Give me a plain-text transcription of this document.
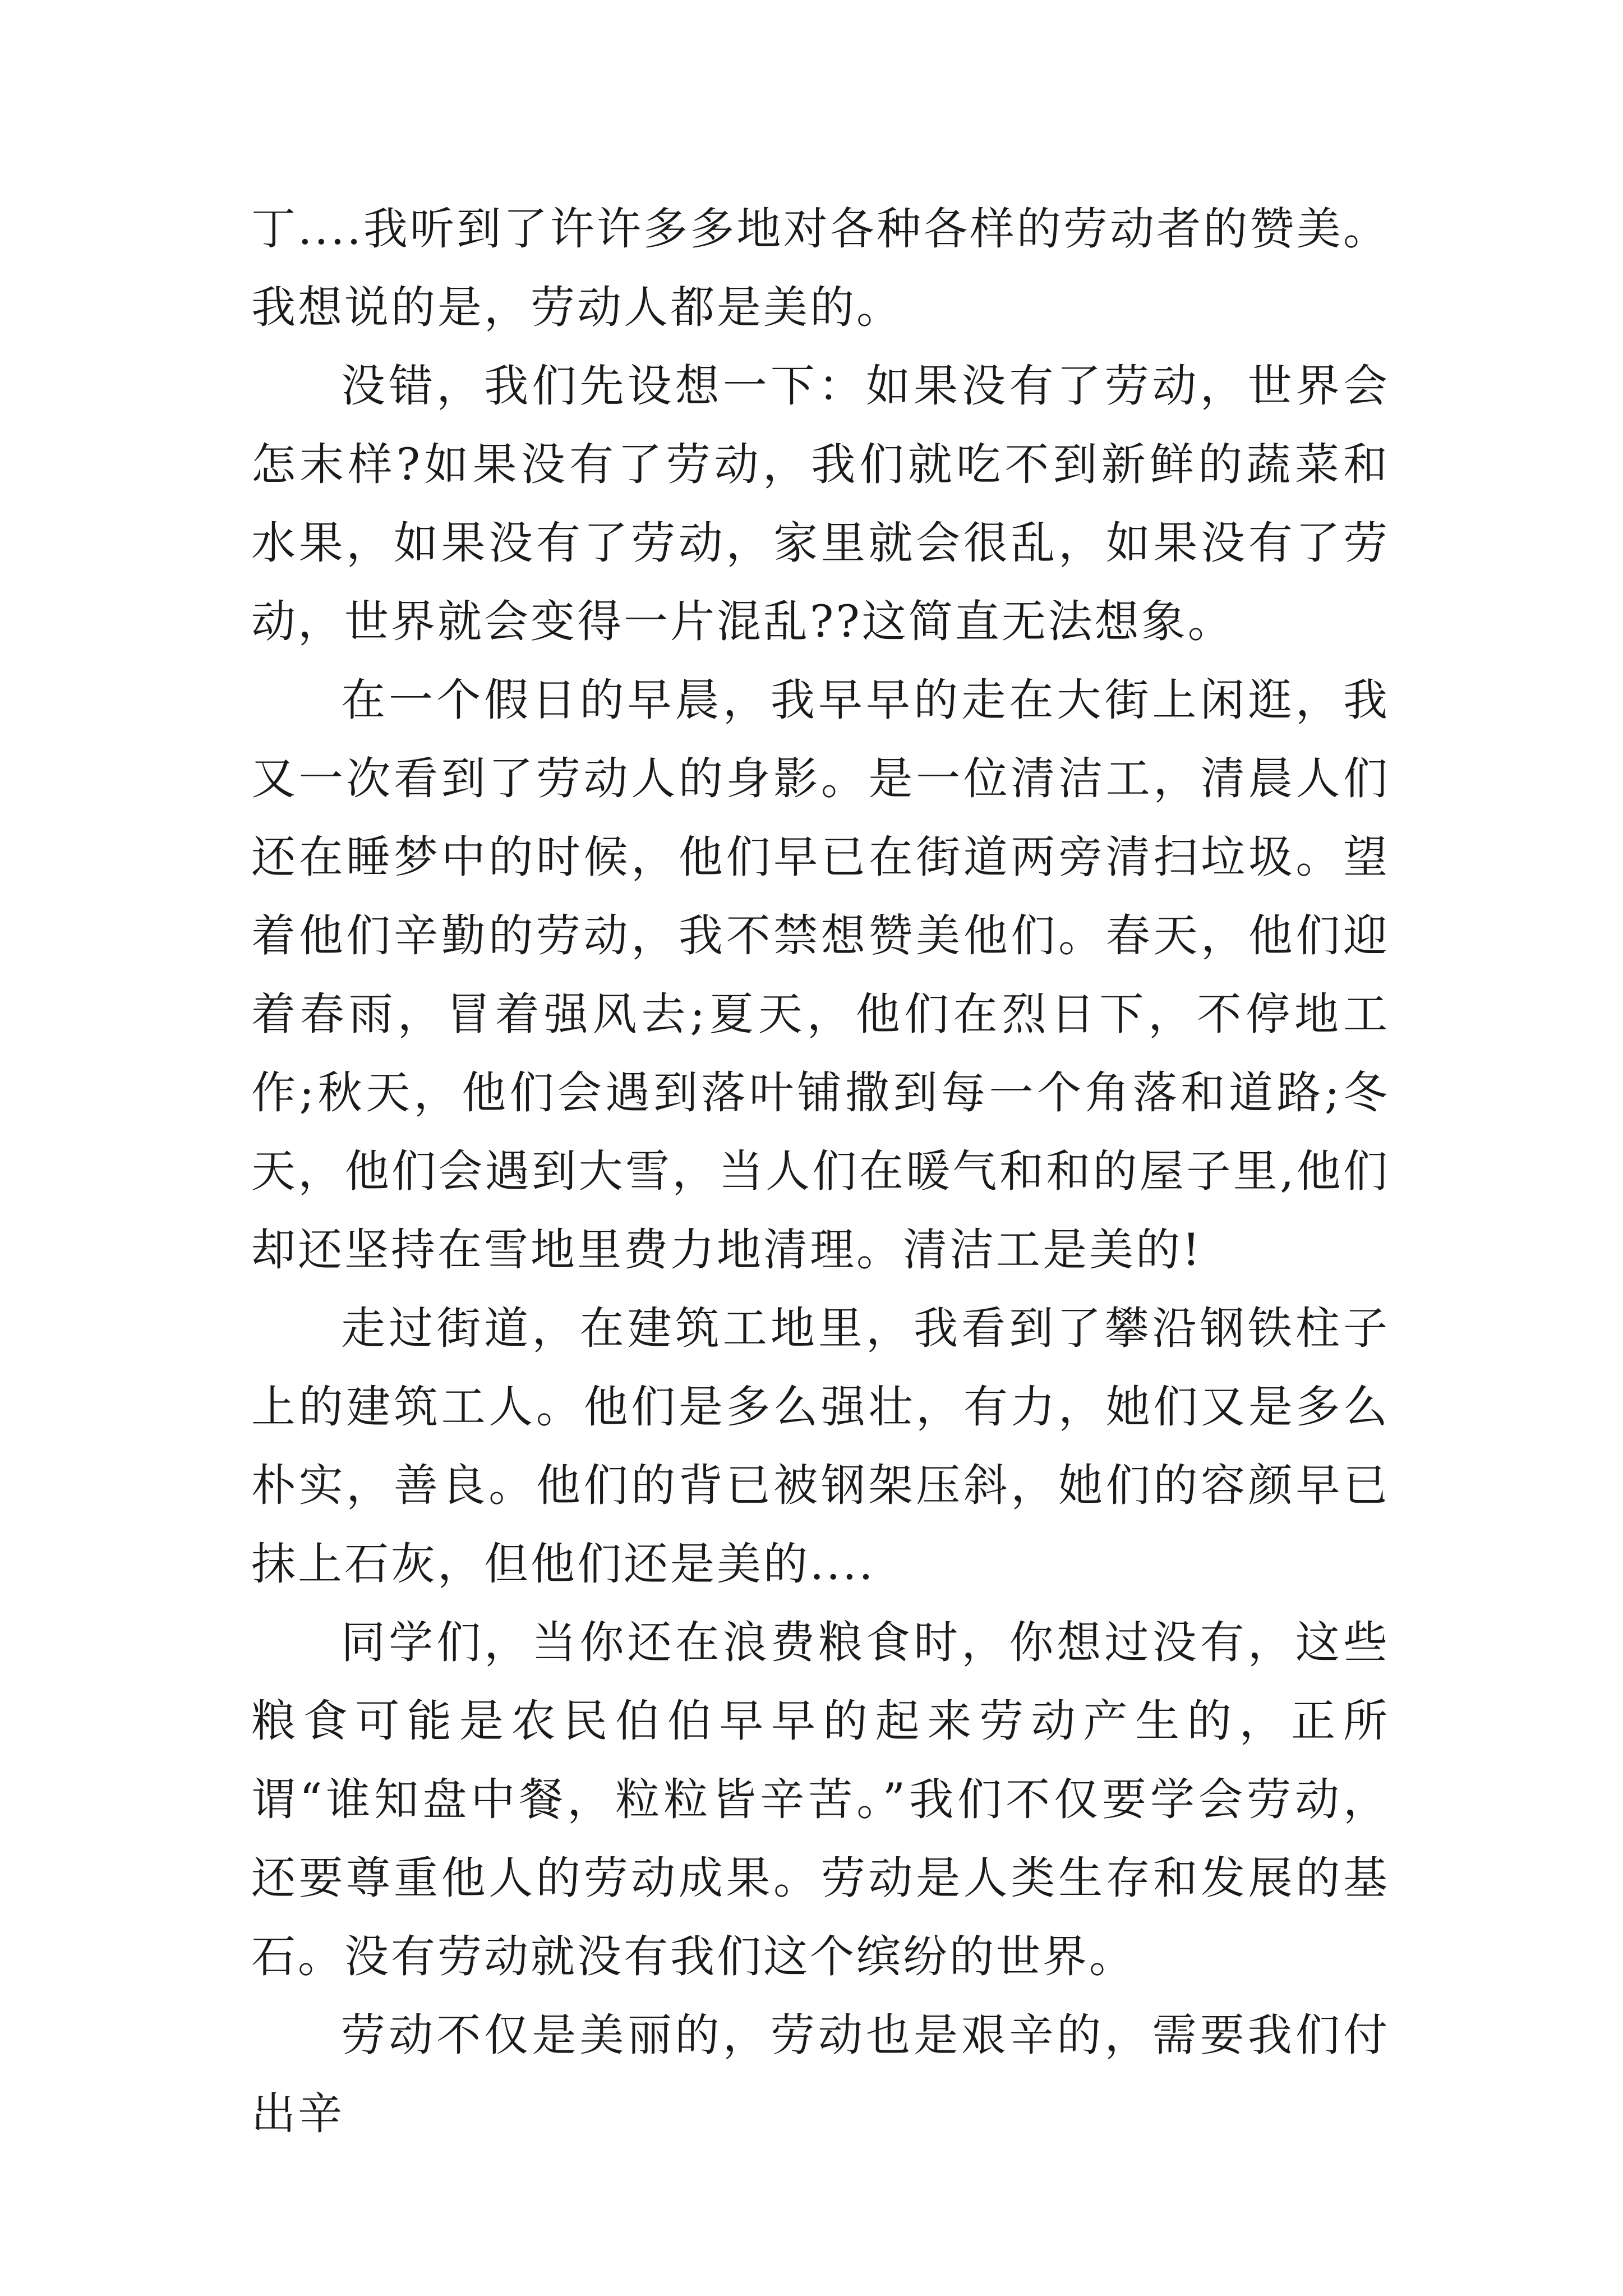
丁....我听到了许许多多地对各种各样的劳动者的赞美。我想说的是，劳动人都是美的。

没错，我们先设想一下：如果没有了劳动，世界会怎末样?如果没有了劳动，我们就吃不到新鲜的蔬菜和水果，如果没有了劳动，家里就会很乱，如果没有了劳动，世界就会变得一片混乱??这简直无法想象。

在一个假日的早晨，我早早的走在大街上闲逛，我又一次看到了劳动人的身影。是一位清洁工，清晨人们还在睡梦中的时候，他们早已在街道两旁清扫垃圾。望着他们辛勤的劳动，我不禁想赞美他们。春天，他们迎着春雨，冒着强风去;夏天，他们在烈日下，不停地工作;秋天，他们会遇到落叶铺撒到每一个角落和道路;冬天，他们会遇到大雪，当人们在暖气和和的屋子里,他们却还坚持在雪地里费力地清理。清洁工是美的!

走过街道，在建筑工地里，我看到了攀沿钢铁柱子上的建筑工人。他们是多么强壮，有力，她们又是多么朴实，善良。他们的背已被钢架压斜，她们的容颜早已抹上石灰，但他们还是美的....

同学们，当你还在浪费粮食时，你想过没有，这些粮食可能是农民伯伯早早的起来劳动产生的，正所谓“谁知盘中餐，粒粒皆辛苦。”我们不仅要学会劳动，还要尊重他人的劳动成果。劳动是人类生存和发展的基石。没有劳动就没有我们这个缤纷的世界。

劳动不仅是美丽的，劳动也是艰辛的，需要我们付出辛
